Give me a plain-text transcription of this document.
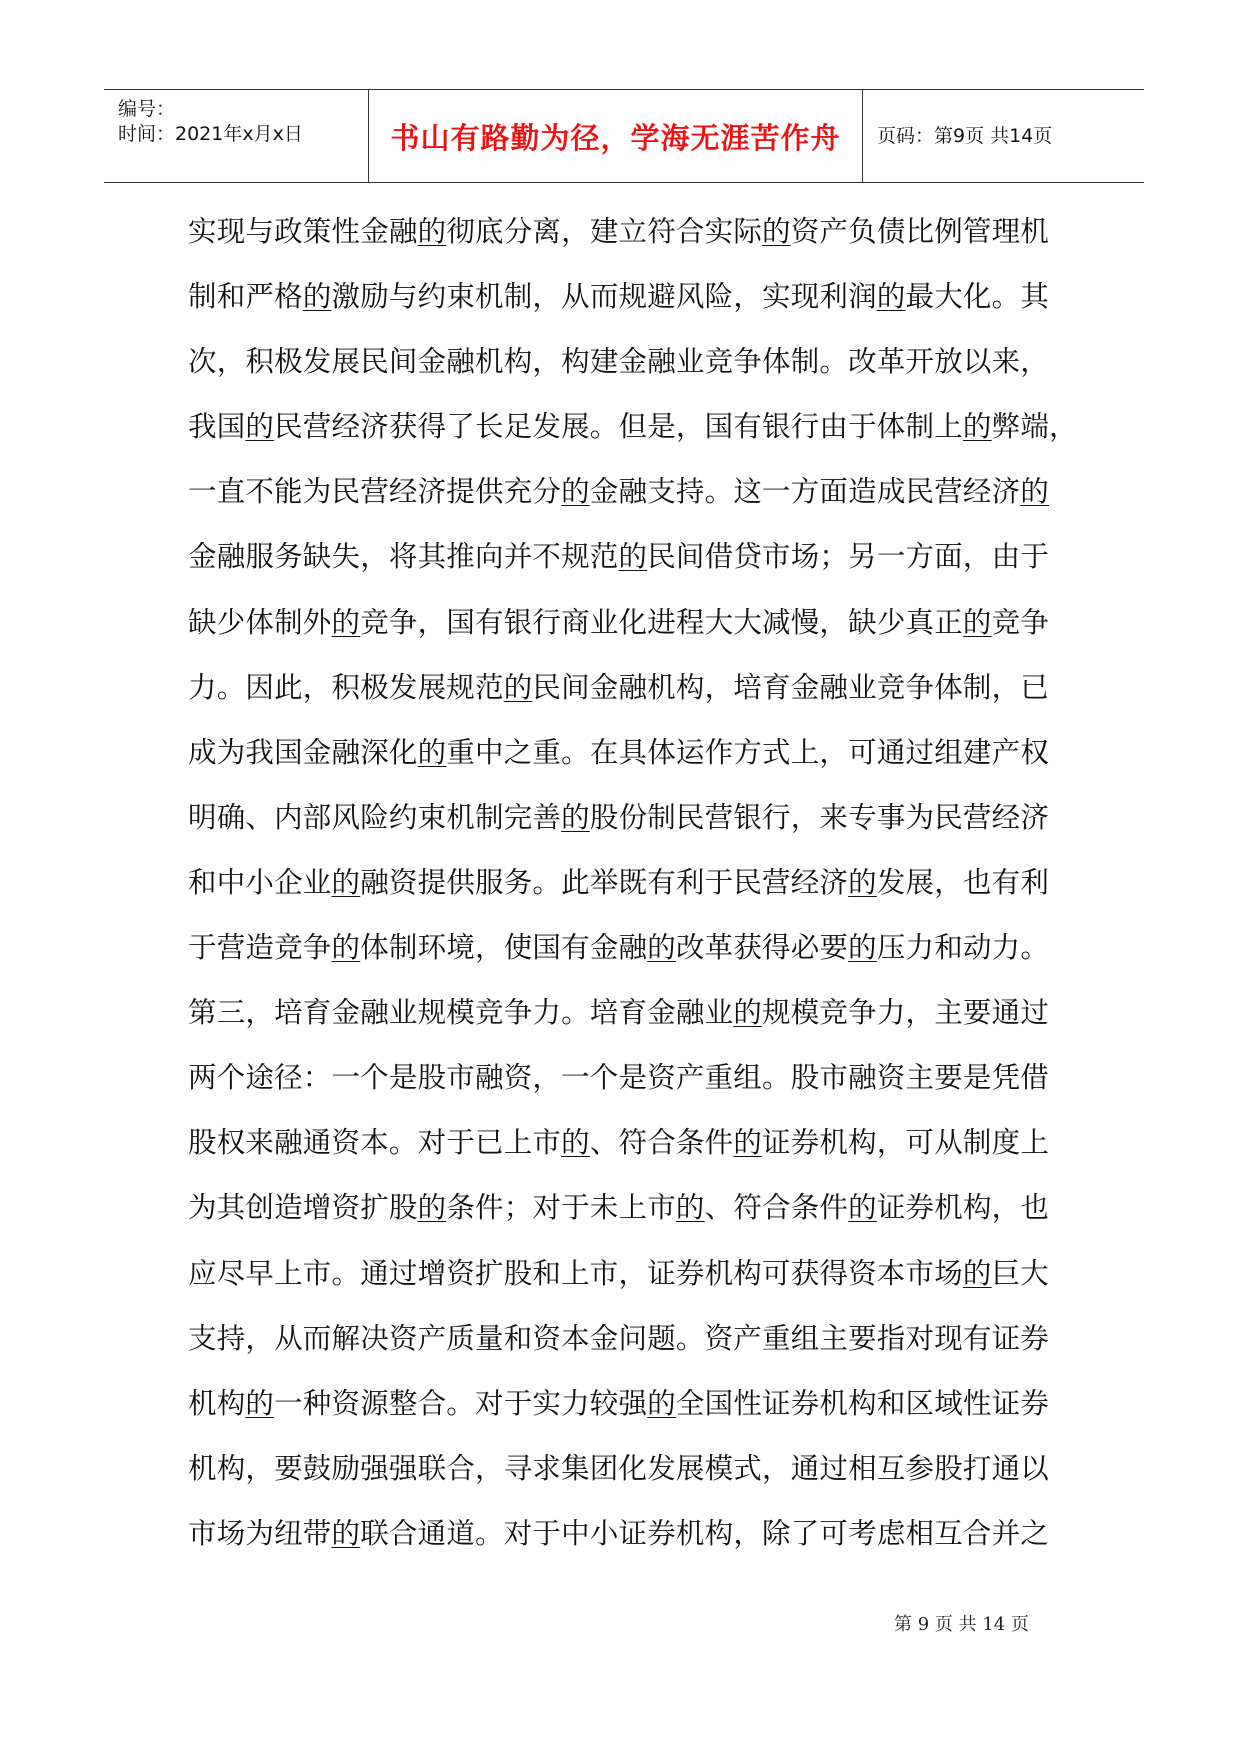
编号：
时间：2021年x月x日	书山有路勤为径，学海无涯苦作舟 页码：第9页 共14页
实现与政策性金融的彻底分离，建立符合实际的资产负债比例管理机
制和严格的激励与约束机制，从而规避风险，实现利润的最大化。其
次，积极发展民间金融机构，构建金融业竞争体制。改革开放以来，
我国的民营经济获得了长足发展。但是，国有银行由于体制上的弊端，
一直不能为民营经济提供充分的金融支持。这一方面造成民营经济的
金融服务缺失，将其推向并不规范的民间借贷市场；另一方面，由于
缺少体制外的竞争，国有银行商业化进程大大减慢，缺少真正的竞争
力。因此，积极发展规范的民间金融机构，培育金融业竞争体制，已
成为我国金融深化的重中之重。在具体运作方式上，可通过组建产权
明确、内部风险约束机制完善的股份制民营银行，来专事为民营经济
和中小企业的融资提供服务。此举既有利于民营经济的发展，也有利
于营造竞争的体制环境，使国有金融的改革获得必要的压力和动力。
第三，培育金融业规模竞争力。培育金融业的规模竞争力，主要通过
两个途径：一个是股市融资，一个是资产重组。股市融资主要是凭借
股权来融通资本。对于已上市的、符合条件的证券机构，可从制度上
为其创造增资扩股的条件；对于未上市的、符合条件的证券机构，也
应尽早上市。通过增资扩股和上市，证券机构可获得资本市场的巨大
支持，从而解决资产质量和资本金问题。资产重组主要指对现有证券
机构的一种资源整合。对于实力较强的全国性证券机构和区域性证券
机构，要鼓励强强联合，寻求集团化发展模式，通过相互参股打通以
市场为纽带的联合通道。对于中小证券机构，除了可考虑相互合并之
第 9 页 共 14 页
